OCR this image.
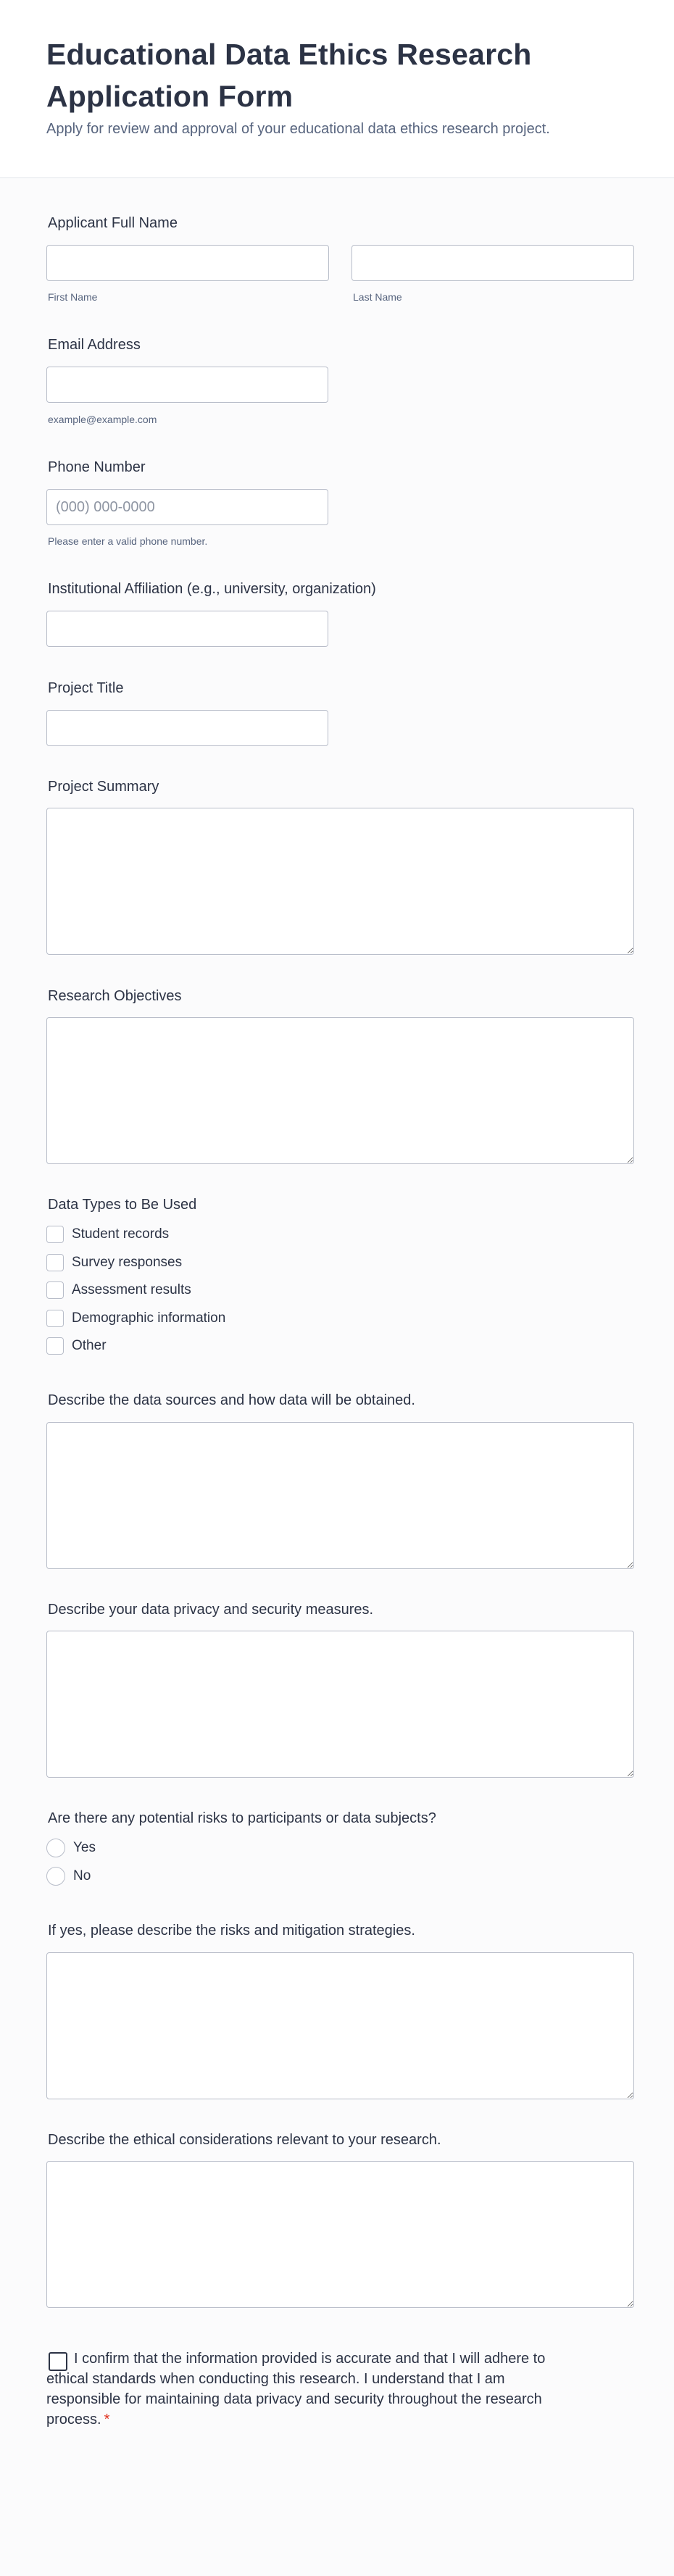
Educational Data Ethics Research Application Form
Apply for review and approval of your educational data ethics research project.
Applicant Full Name
First Name	Last Name
Email Address
example@example.com
Phone Number
(000) 000-0000
Please enter a valid phone number.
Institutional Affiliation (e.g., university, organization)
Project Title
Project Summary
Research Objectives
Data Types to Be Used
Student records
Survey responses
Assessment results
Demographic information
Other
Describe the data sources and how data will be obtained.
Describe your data privacy and security measures.
Are there any potential risks to participants or data subjects?
Yes
No
If yes, please describe the risks and mitigation strategies.
Describe the ethical considerations relevant to your research.
I confirm that the information provided is accurate and that I will adhere to ethical standards when conducting this research. I understand that I am responsible for maintaining data privacy and security throughout the research process. *
